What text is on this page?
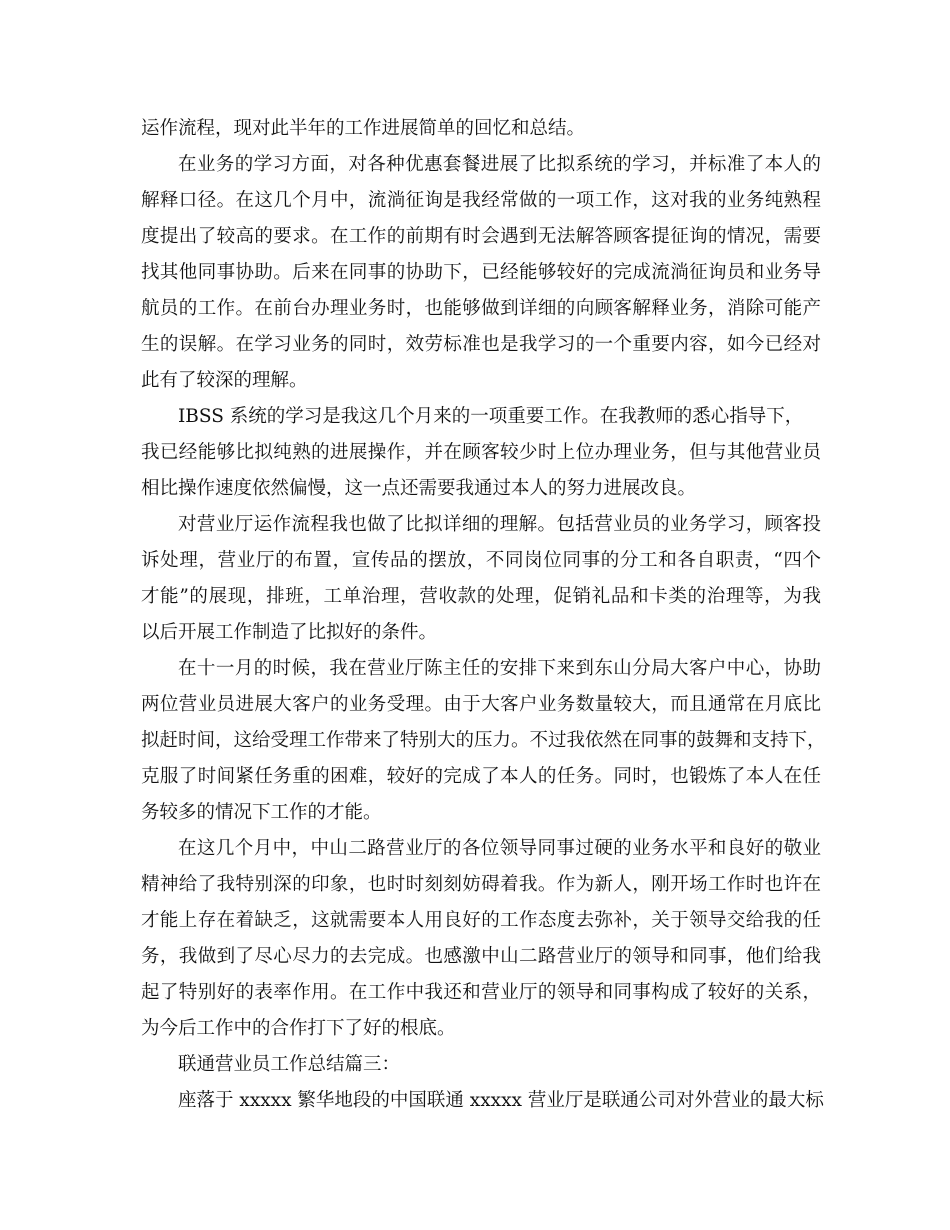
运作流程，现对此半年的工作进展简单的回忆和总结。
在业务的学习方面，对各种优惠套餐进展了比拟系统的学习，并标准了本人的
解释口径。在这几个月中，流淌征询是我经常做的一项工作，这对我的业务纯熟程
度提出了较高的要求。在工作的前期有时会遇到无法解答顾客提征询的情况，需要
找其他同事协助。后来在同事的协助下，已经能够较好的完成流淌征询员和业务导
航员的工作。在前台办理业务时，也能够做到详细的向顾客解释业务，消除可能产
生的误解。在学习业务的同时，效劳标准也是我学习的一个重要内容，如今已经对
此有了较深的理解。
IBSS 系统的学习是我这几个月来的一项重要工作。在我教师的悉心指导下，
我已经能够比拟纯熟的进展操作，并在顾客较少时上位办理业务，但与其他营业员
相比操作速度依然偏慢，这一点还需要我通过本人的努力进展改良。
对营业厅运作流程我也做了比拟详细的理解。包括营业员的业务学习，顾客投
诉处理，营业厅的布置，宣传品的摆放，不同岗位同事的分工和各自职责，“四个
才能”的展现，排班，工单治理，营收款的处理，促销礼品和卡类的治理等，为我
以后开展工作制造了比拟好的条件。
在十一月的时候，我在营业厅陈主任的安排下来到东山分局大客户中心，协助
两位营业员进展大客户的业务受理。由于大客户业务数量较大，而且通常在月底比
拟赶时间，这给受理工作带来了特别大的压力。不过我依然在同事的鼓舞和支持下，
克服了时间紧任务重的困难，较好的完成了本人的任务。同时，也锻炼了本人在任
务较多的情况下工作的才能。
在这几个月中，中山二路营业厅的各位领导同事过硬的业务水平和良好的敬业
精神给了我特别深的印象，也时时刻刻妨碍着我。作为新人，刚开场工作时也许在
才能上存在着缺乏，这就需要本人用良好的工作态度去弥补，关于领导交给我的任
务，我做到了尽心尽力的去完成。也感激中山二路营业厅的领导和同事，他们给我
起了特别好的表率作用。在工作中我还和营业厅的领导和同事构成了较好的关系，
为今后工作中的合作打下了好的根底。
联通营业员工作总结篇三：
座落于 xxxxx 繁华地段的中国联通 xxxxx 营业厅是联通公司对外营业的最大标
